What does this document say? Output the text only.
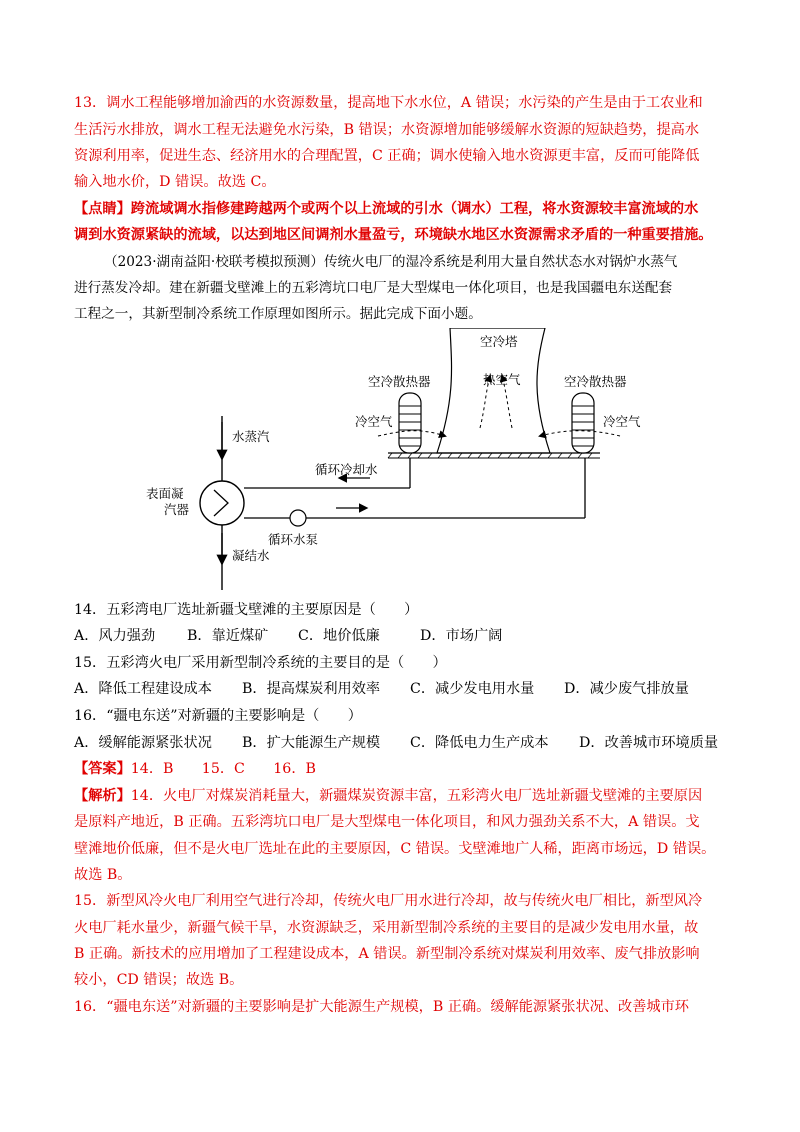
13．调水工程能够增加渝西的水资源数量，提高地下水水位，A 错误；水污染的产生是由于工农业和
生活污水排放，调水工程无法避免水污染，B 错误；水资源增加能够缓解水资源的短缺趋势，提高水
资源利用率，促进生态、经济用水的合理配置，C 正确；调水使输入地水资源更丰富，反而可能降低
输入地水价，D 错误。故选 C。
【点睛】跨流域调水指修建跨越两个或两个以上流域的引水（调水）工程，将水资源较丰富流域的水
调到水资源紧缺的流域，以达到地区间调剂水量盈亏，环境缺水地区水资源需求矛盾的一种重要措施。
（2023·湖南益阳·校联考模拟预测）传统火电厂的湿冷系统是利用大量自然状态水对锅炉水蒸气
进行蒸发冷却。建在新疆戈壁滩上的五彩湾坑口电厂是大型煤电一体化项目，也是我国疆电东送配套
工程之一，其新型制冷系统工作原理如图所示。据此完成下面小题。
空冷塔
空冷散热器	空冷散热器
热空气
冷空气	冷空气
水蒸汽
表面凝
汽器
凝结水
循环冷却水
循环水泵
14．五彩湾电厂选址新疆戈壁滩的主要原因是（　　）
A．风力强劲 B．靠近煤矿 C．地价低廉	D．市场广阔
15．五彩湾火电厂采用新型制冷系统的主要目的是（　　）
A．降低工程建设成本 B．提高煤炭利用效率 C．减少发电用水量 D．减少废气排放量
16．“疆电东送”对新疆的主要影响是（　　）
A．缓解能源紧张状况 B．扩大能源生产规模 C．降低电力生产成本 D．改善城市环境质量
【答案】14．B　　15．C　　16．B
【解析】14．火电厂对煤炭消耗量大，新疆煤炭资源丰富，五彩湾火电厂选址新疆戈壁滩的主要原因
是原料产地近，B 正确。五彩湾坑口电厂是大型煤电一体化项目，和风力强劲关系不大，A 错误。戈
壁滩地价低廉，但不是火电厂选址在此的主要原因，C 错误。戈壁滩地广人稀，距离市场远，D 错误。
故选 B。
15．新型风冷火电厂利用空气进行冷却，传统火电厂用水进行冷却，故与传统火电厂相比，新型风冷
火电厂耗水量少，新疆气候干旱，水资源缺乏，采用新型制冷系统的主要目的是减少发电用水量，故
B 正确。新技术的应用增加了工程建设成本，A 错误。新型制冷系统对煤炭利用效率、废气排放影响
较小，CD 错误；故选 B。
16．“疆电东送”对新疆的主要影响是扩大能源生产规模，B 正确。缓解能源紧张状况、改善城市环
